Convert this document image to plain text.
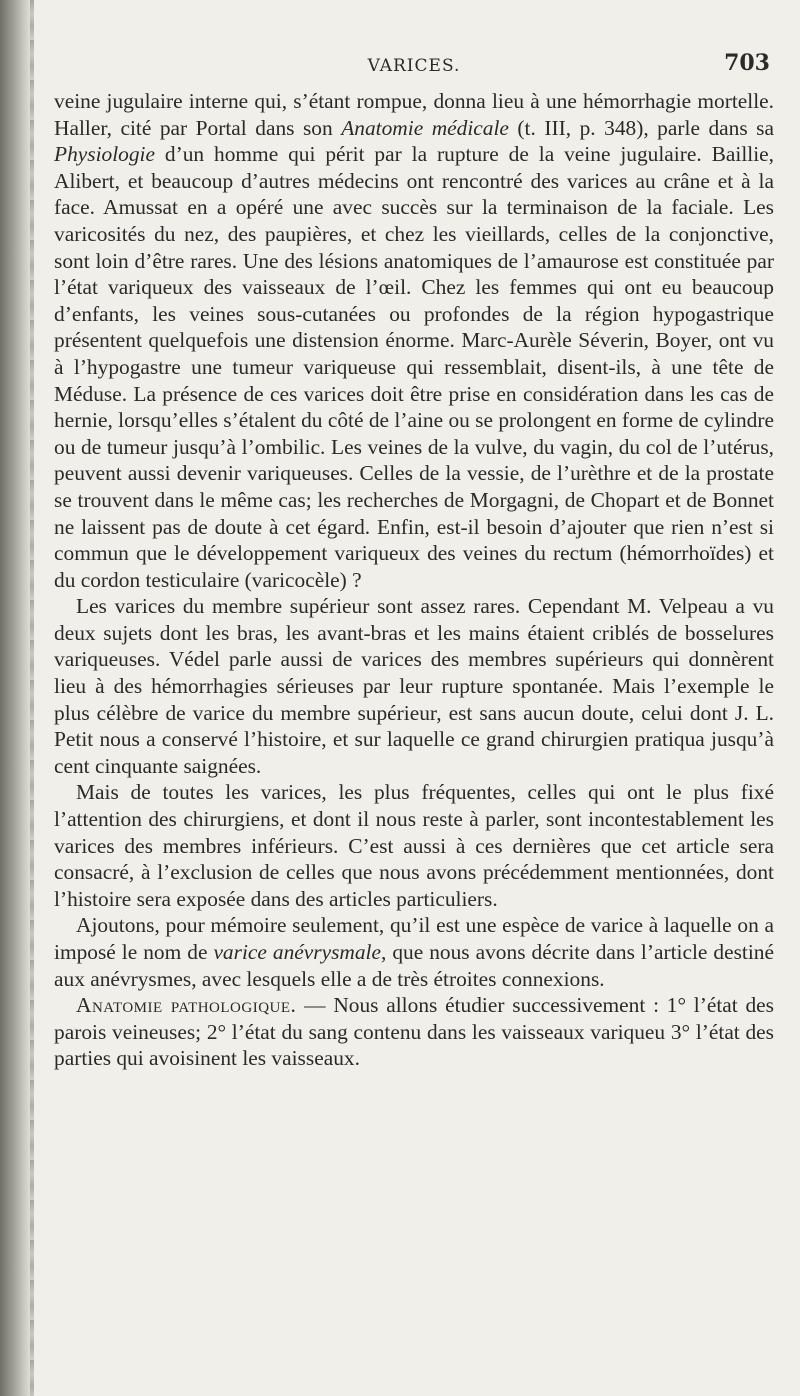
VARICES.	703

veine jugulaire interne qui, s’étant rompue, donna lieu à une hémorrhagie mortelle. Haller, cité par Portal dans son Anatomie médicale (t. III, p. 348), parle dans sa Physiologie d’un homme qui périt par la rupture de la veine jugulaire. Baillie, Alibert, et beaucoup d’autres médecins ont rencontré des varices au crâne et à la face. Amussat en a opéré une avec succès sur la terminaison de la faciale. Les varicosités du nez, des paupières, et chez les vieillards, celles de la conjonctive, sont loin d’être rares. Une des lésions anatomiques de l’amaurose est constituée par l’état variqueux des vaisseaux de l’œil. Chez les femmes qui ont eu beaucoup d’enfants, les veines sous-cutanées ou profondes de la région hypogastrique présentent quelquefois une distension énorme. Marc-Aurèle Séverin, Boyer, ont vu à l’hypogastre une tumeur variqueuse qui ressemblait, disent-ils, à une tête de Méduse. La présence de ces varices doit être prise en considération dans les cas de hernie, lorsqu’elles s’étalent du côté de l’aine ou se prolongent en forme de cylindre ou de tumeur jusqu’à l’ombilic. Les veines de la vulve, du vagin, du col de l’utérus, peuvent aussi devenir variqueuses. Celles de la vessie, de l’urèthre et de la prostate se trouvent dans le même cas; les recherches de Morgagni, de Chopart et de Bonnet ne laissent pas de doute à cet égard. Enfin, est-il besoin d’ajouter que rien n’est si commun que le développement variqueux des veines du rectum (hémorrhoïdes) et du cordon testiculaire (varicocèle) ?

Les varices du membre supérieur sont assez rares. Cependant M. Velpeau a vu deux sujets dont les bras, les avant-bras et les mains étaient criblés de bosselures variqueuses. Védel parle aussi de varices des membres supérieurs qui donnèrent lieu à des hémorrhagies sérieuses par leur rupture spontanée. Mais l’exemple le plus célèbre de varice du membre supérieur, est sans aucun doute, celui dont J. L. Petit nous a conservé l’histoire, et sur laquelle ce grand chirurgien pratiqua jusqu’à cent cinquante saignées.

Mais de toutes les varices, les plus fréquentes, celles qui ont le plus fixé l’attention des chirurgiens, et dont il nous reste à parler, sont incontestablement les varices des membres inférieurs. C’est aussi à ces dernières que cet article sera consacré, à l’exclusion de celles que nous avons précédemment mentionnées, dont l’histoire sera exposée dans des articles particuliers.

Ajoutons, pour mémoire seulement, qu’il est une espèce de varice à laquelle on a imposé le nom de varice anévrysmale, que nous avons décrite dans l’article destiné aux anévrysmes, avec lesquels elle a de très étroites connexions.

Anatomie pathologique. — Nous allons étudier successivement : 1° l’état des parois veineuses; 2° l’état du sang contenu dans les vaisseaux variqueu 3° l’état des parties qui avoisinent les vaisseaux.
